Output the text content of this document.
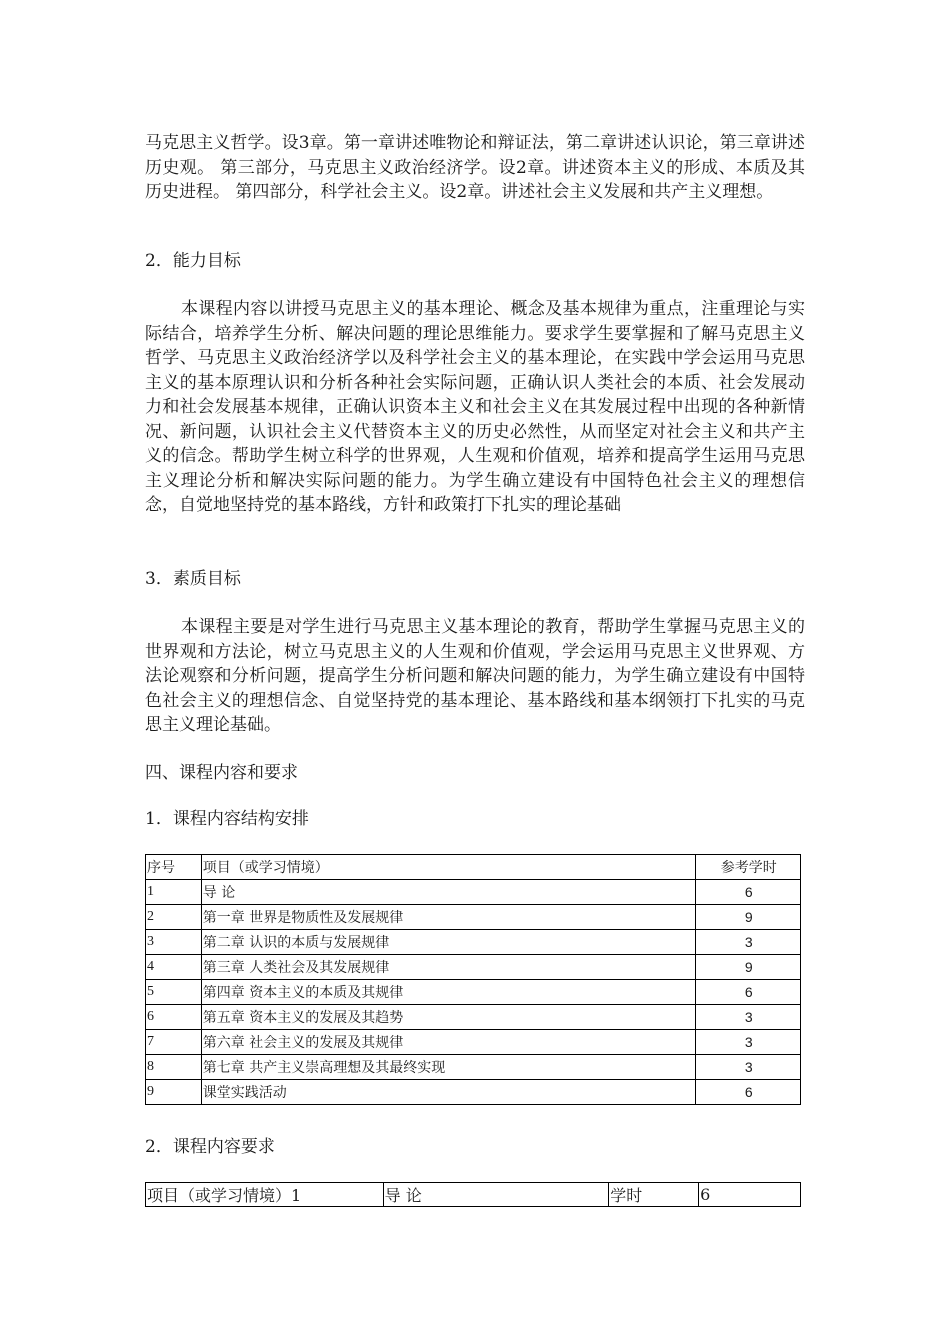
马克思主义哲学。设3章。第一章讲述唯物论和辩证法，第二章讲述认识论，第三章讲述历史观。 第三部分，马克思主义政治经济学。设2章。讲述资本主义的形成、本质及其历史进程。 第四部分，科学社会主义。设2章。讲述社会主义发展和共产主义理想。

2．能力目标

本课程内容以讲授马克思主义的基本理论、概念及基本规律为重点，注重理论与实际结合，培养学生分析、解决问题的理论思维能力。要求学生要掌握和了解马克思主义哲学、马克思主义政治经济学以及科学社会主义的基本理论，在实践中学会运用马克思主义的基本原理认识和分析各种社会实际问题，正确认识人类社会的本质、社会发展动力和社会发展基本规律，正确认识资本主义和社会主义在其发展过程中出现的各种新情况、新问题，认识社会主义代替资本主义的历史必然性，从而坚定对社会主义和共产主义的信念。帮助学生树立科学的世界观，人生观和价值观，培养和提高学生运用马克思主义理论分析和解决实际问题的能力。为学生确立建设有中国特色社会主义的理想信念，自觉地坚持党的基本路线，方针和政策打下扎实的理论基础

3．素质目标

本课程主要是对学生进行马克思主义基本理论的教育，帮助学生掌握马克思主义的世界观和方法论，树立马克思主义的人生观和价值观，学会运用马克思主义世界观、方法论观察和分析问题，提高学生分析问题和解决问题的能力，为学生确立建设有中国特色社会主义的理想信念、自觉坚持党的基本理论、基本路线和基本纲领打下扎实的马克思主义理论基础。

四、课程内容和要求

1．课程内容结构安排

序号	项目（或学习情境）	参考学时
1	导 论	6
2	第一章 世界是物质性及发展规律	9
3	第二章 认识的本质与发展规律	3
4	第三章 人类社会及其发展规律	9
5	第四章 资本主义的本质及其规律	6
6	第五章 资本主义的发展及其趋势	3
7	第六章 社会主义的发展及其规律	3
8	第七章 共产主义崇高理想及其最终实现	3
9	课堂实践活动	6

2．课程内容要求

项目（或学习情境）1	导 论	学时	6
